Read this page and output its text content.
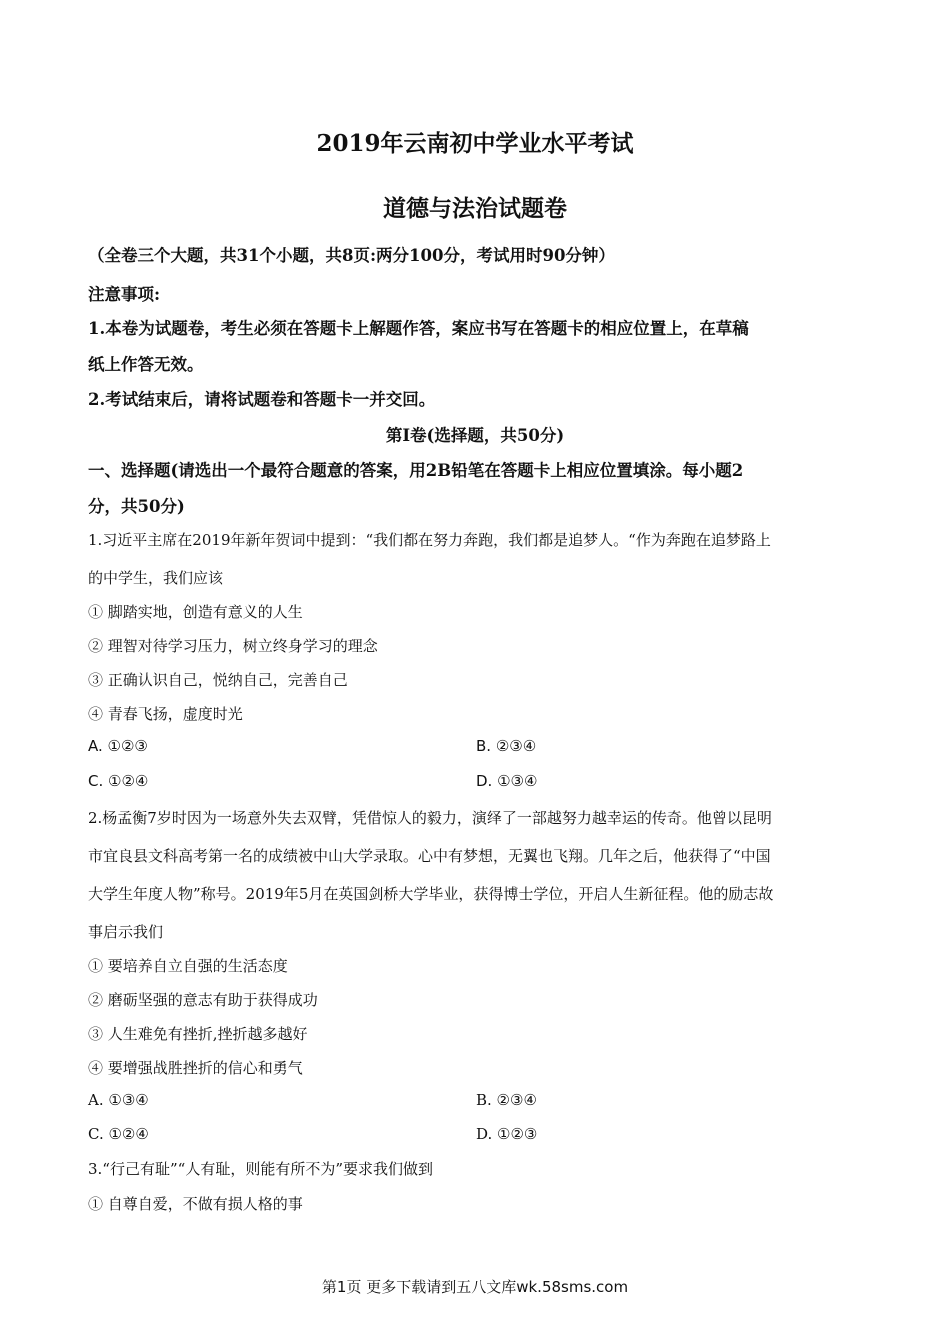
2019年云南初中学业水平考试
道德与法治试题卷
（全卷三个大题，共31个小题，共8页:两分100分，考试用时90分钟）
注意事项:
1.本卷为试题卷，考生必须在答题卡上解题作答，案应书写在答题卡的相应位置上，在草稿
纸上作答无效。
2.考试结束后，请将试题卷和答题卡一并交回。
第Ⅰ卷(选择题，共50分)
一、选择题(请选出一个最符合题意的答案，用2B铅笔在答题卡上相应位置填涂。每小题2
分，共50分)
1.习近平主席在2019年新年贺词中提到：“我们都在努力奔跑，我们都是追梦人。“作为奔跑在追梦路上
的中学生，我们应该
① 脚踏实地，创造有意义的人生
② 理智对待学习压力，树立终身学习的理念
③ 正确认识自己，悦纳自己，完善自己
④ 青春飞扬，虚度时光
A. ①②③	B. ②③④
C. ①②④	D. ①③④
2.杨孟衡7岁时因为一场意外失去双臂，凭借惊人的毅力，演绎了一部越努力越幸运的传奇。他曾以昆明
市宜良县文科高考第一名的成绩被中山大学录取。心中有梦想，无翼也飞翔。几年之后，他获得了“中国
大学生年度人物”称号。2019年5月在英国剑桥大学毕业，获得博士学位，开启人生新征程。他的励志故
事启示我们
① 要培养自立自强的生活态度
② 磨砺坚强的意志有助于获得成功
③ 人生难免有挫折,挫折越多越好
④ 要增强战胜挫折的信心和勇气
A. ①③④	B. ②③④
C. ①②④	D. ①②③
3.“行己有耻”“人有耻，则能有所不为”要求我们做到
① 自尊自爱，不做有损人格的事
第1页 更多下载请到五八文库wk.58sms.com
